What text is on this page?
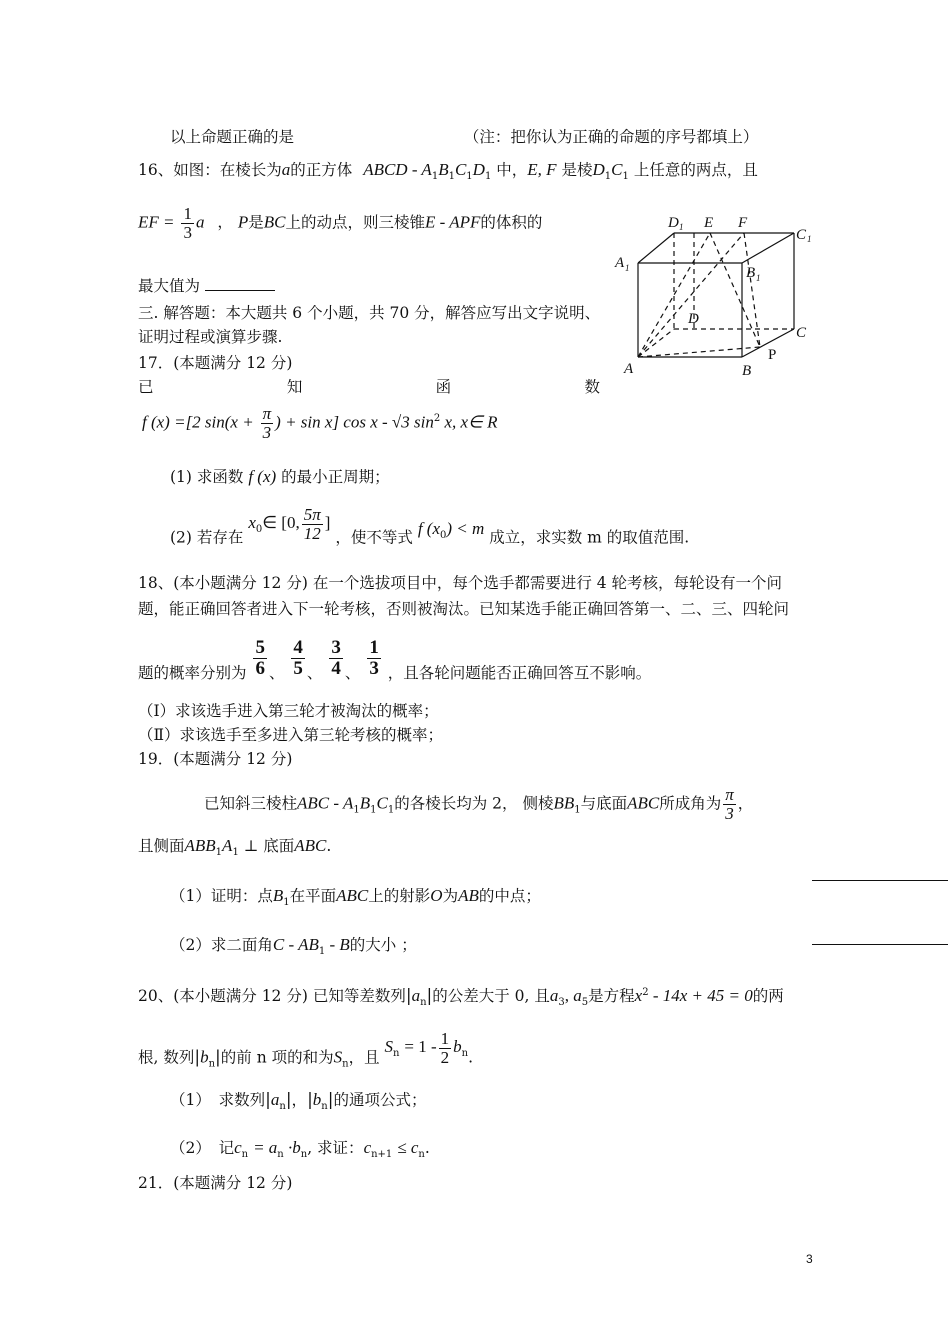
以上命题正确的是	（注：把你认为正确的命题的序号都填上）
16、如图：在棱长为a的正方体 ABCD - $A_1B_1C_1D_1$ 中，E, F 是棱$D_1C_1$ 上任意的两点，且
EF = $\frac{1}{3}$ a ， P是BC上的动点，则三棱锥E - APF的体积的
最大值为
D 1 E F
C 1
A 1	B 1
D
C
A	B
P
三. 解答题：本大题共 6 个小题，共 70 分，解答应写出文字说明、
证明过程或演算步骤.
17．(本题满分 12 分)
已	知	函	数
f (x) =[2 $\sin(x + \frac{\pi}{3}$ ) + sin x] cos x - √3 $\sin^2 x$, x∈ R
(1) 求函数 f (x) 的最小正周期；
(2) 若存在 $x_0\in$ [0, $\frac{5\pi}{12}$ ] ，使不等式 f $(x_0) < m$ 成立，求实数 m 的取值范围.
18、(本小题满分 12 分) 在一个选拔项目中，每个选手都需要进行 4 轮考核，每轮设有一个问
题，能正确回答者进入下一轮考核，否则被淘汰。已知某选手能正确回答第一、二、三、四轮问
题的概率分别为 $\frac{5}{6}$ 、 $\frac{4}{5}$ 、 $\frac{3}{4}$ 、 $\frac{1}{3}$ ，且各轮问题能否正确回答互不影响。
（Ⅰ）求该选手进入第三轮才被淘汰的概率；
（Ⅱ）求该选手至多进入第三轮考核的概率；
19．(本题满分 12 分)
已知斜三棱柱ABC - $A_1B_1C_1$的各棱长均为 2， 侧棱$BB_1$与底面ABC所成角为 $\frac{\pi}{3}$ ，
且侧面$ABB_1A_1$ ⊥ 底面ABC.
（1）证明：点$B_1$在平面ABC上的射影O为AB的中点；
（2）求二面角C - $AB_1$ - B的大小 ；
20、(本小题满分 12 分) 已知等差数列$|a_n|$的公差大于 0, 且$a_3$, $a_5$是方程$x^2 - 14x + 45 = 0$的两
根, 数列$|b_n|$的前 n 项的和为$S_n$，且 $S_n = 1 - \frac{1}{2} b_n$.
（1）　求数列$|a_n|$，$|b_n|$的通项公式；
（2）　记$c_n = a_n \cdot b_n$, 求证：$c_{n+1} \le c_n$.
21．(本题满分 12 分)
3
